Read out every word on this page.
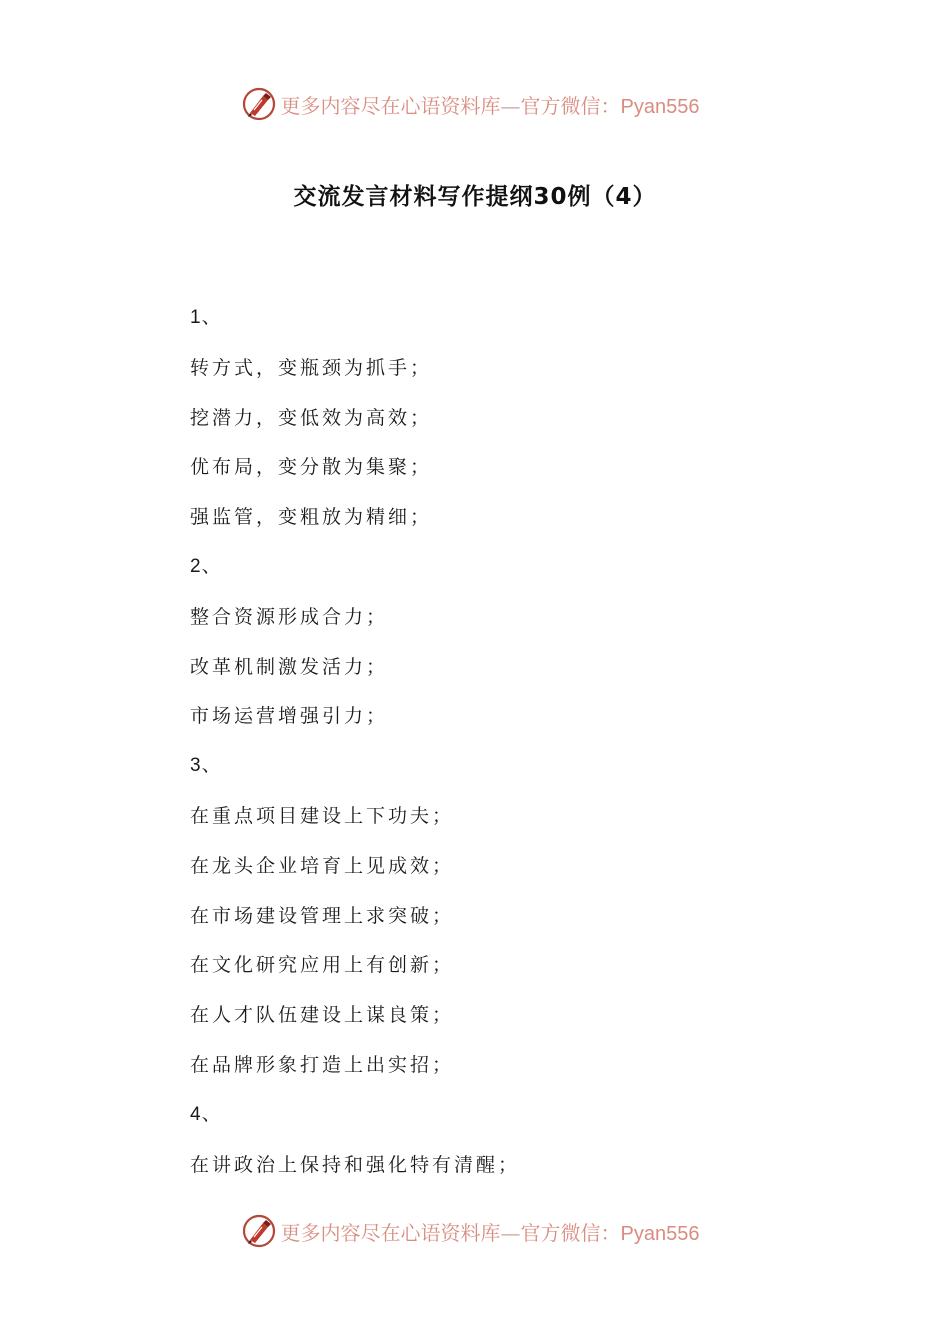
更多内容尽在心语资料库—官方微信：Pyan556
交流发言材料写作提纲30例（4）
1、
转方式，变瓶颈为抓手；
挖潜力，变低效为高效；
优布局，变分散为集聚；
强监管，变粗放为精细；
2、
整合资源形成合力；
改革机制激发活力；
市场运营增强引力；
3、
在重点项目建设上下功夫；
在龙头企业培育上见成效；
在市场建设管理上求突破；
在文化研究应用上有创新；
在人才队伍建设上谋良策；
在品牌形象打造上出实招；
4、
在讲政治上保持和强化特有清醒；
更多内容尽在心语资料库—官方微信：Pyan556
